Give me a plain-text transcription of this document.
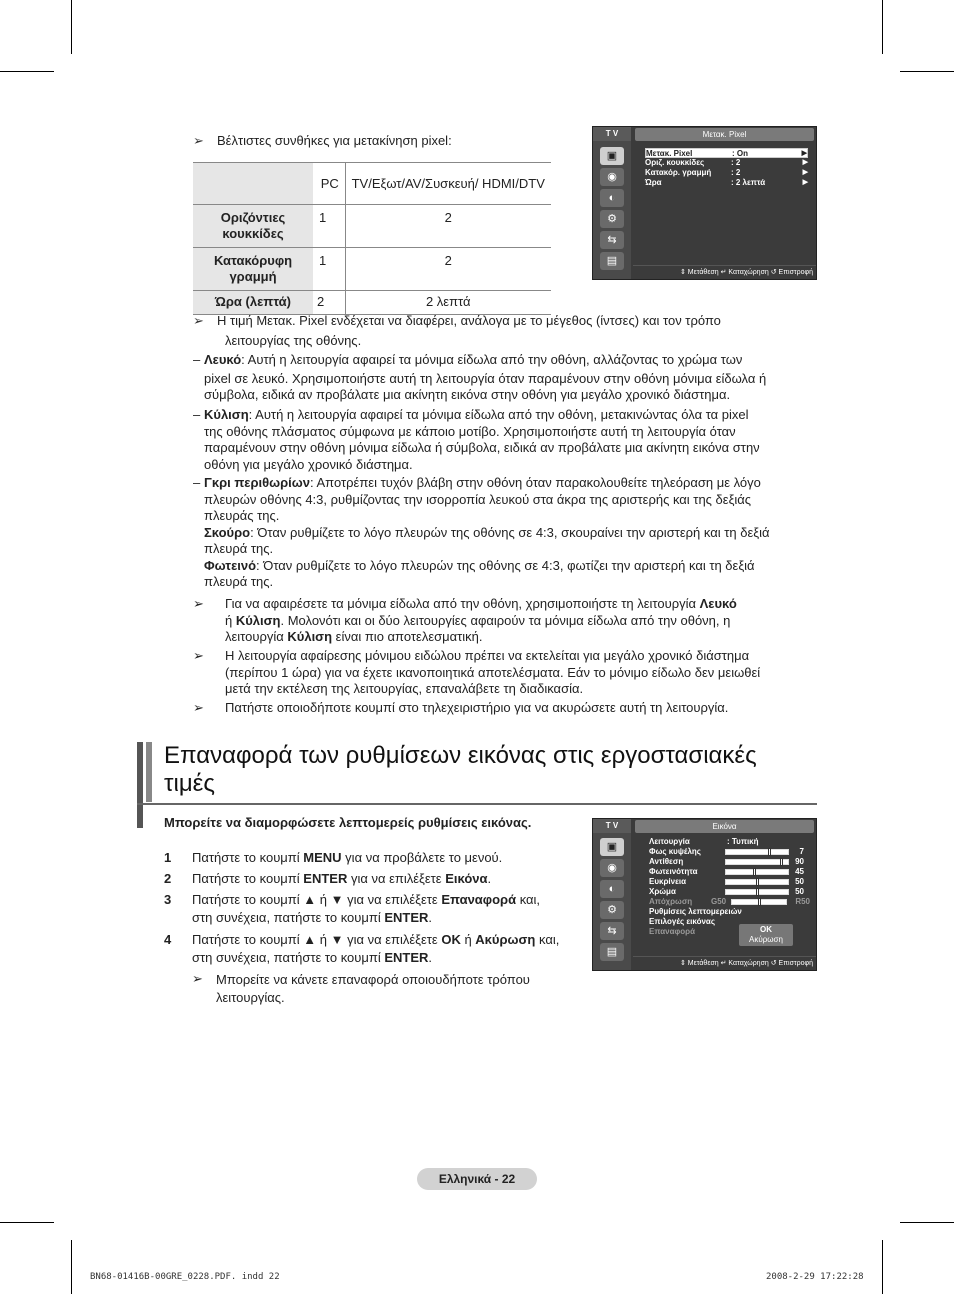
➢ Βέλτιστες συνθήκες για μετακίνηση pixel:
	PC	TV/Εξωτ/AV/Συσκευή/ HDMI/DTV
Οριζόντιες κουκκίδες	1	2
Κατακόρυφη γραμμή	1	2
Ώρα (λεπτά)	2	2 λεπτά
T V	Μετακ. Pixel
▣
◉
◐
⚙
⇆
▤
Μετακ. Pixel	: On	▶
Οριζ. κουκκίδες	: 2	▶
Κατακόρ. γραμμή : 2	▶
Ώρα	: 2 λεπτά	▶
⇕ Μετάθεση ↵ Καταχώρηση ↺ Επιστροφή
➢ Η τιμή Μετακ. Pixel ενδέχεται να διαφέρει, ανάλογα με το μέγεθος (ίντσες) και τον τρόπο
λειτουργίας της οθόνης.
– Λευκό: Αυτή η λειτουργία αφαιρεί τα μόνιμα είδωλα από την οθόνη, αλλάζοντας το χρώμα των
pixel σε λευκό. Χρησιμοποιήστε αυτή τη λειτουργία όταν παραμένουν στην οθόνη μόνιμα είδωλα ή
σύμβολα, ειδικά αν προβάλατε μια ακίνητη εικόνα στην οθόνη για μεγάλο χρονικό διάστημα.
– Κύλιση: Αυτή η λειτουργία αφαιρεί τα μόνιμα είδωλα από την οθόνη, μετακινώντας όλα τα pixel
της οθόνης πλάσματος σύμφωνα με κάποιο μοτίβο. Χρησιμοποιήστε αυτή τη λειτουργία όταν
παραμένουν στην οθόνη μόνιμα είδωλα ή σύμβολα, ειδικά αν προβάλατε μια ακίνητη εικόνα στην
οθόνη για μεγάλο χρονικό διάστημα.
– Γκρι περιθωρίων: Αποτρέπει τυχόν βλάβη στην οθόνη όταν παρακολουθείτε τηλεόραση με λόγο
πλευρών οθόνης 4:3, ρυθμίζοντας την ισορροπία λευκού στα άκρα της αριστερής και της δεξιάς
πλευράς της.
Σκούρο: Όταν ρυθμίζετε το λόγο πλευρών της οθόνης σε 4:3, σκουραίνει την αριστερή και τη δεξιά
πλευρά της.
Φωτεινό: Όταν ρυθμίζετε το λόγο πλευρών της οθόνης σε 4:3, φωτίζει την αριστερή και τη δεξιά
πλευρά της.
➢ Για να αφαιρέσετε τα μόνιμα είδωλα από την οθόνη, χρησιμοποιήστε τη λειτουργία Λευκό
ή Κύλιση. Μολονότι και οι δύο λειτουργίες αφαιρούν τα μόνιμα είδωλα από την οθόνη, η
λειτουργία Κύλιση είναι πιο αποτελεσματική.
➢ Η λειτουργία αφαίρεσης μόνιμου ειδώλου πρέπει να εκτελείται για μεγάλο χρονικό διάστημα
(περίπου 1 ώρα) για να έχετε ικανοποιητικά αποτελέσματα. Εάν το μόνιμο είδωλο δεν μειωθεί
μετά την εκτέλεση της λειτουργίας, επαναλάβετε τη διαδικασία.
➢ Πατήστε οποιοδήποτε κουμπί στο τηλεχειριστήριο για να ακυρώσετε αυτή τη λειτουργία.
Επαναφορά των ρυθμίσεων εικόνας στις εργοστασιακές
τιμές
Μπορείτε να διαμορφώσετε λεπτομερείς ρυθμίσεις εικόνας.
1 Πατήστε το κουμπί MENU για να προβάλετε το μενού.
2 Πατήστε το κουμπί ENTER για να επιλέξετε Εικόνα.
3 Πατήστε το κουμπί ▲ ή ▼ για να επιλέξετε Επαναφορά και,
στη συνέχεια, πατήστε το κουμπί ENTER.
4 Πατήστε το κουμπί ▲ ή ▼ για να επιλέξετε OK ή Ακύρωση και,
στη συνέχεια, πατήστε το κουμπί ENTER.
➢ Μπορείτε να κάνετε επαναφορά οποιουδήποτε τρόπου
λειτουργίας.
T V	Εικόνα
▣
◉
◐
⚙
⇆
▤
Λειτουργία	: Τυπική
Φως κυψέλης	7
Αντίθεση	90
Φωτεινότητα	45
Ευκρίνεια	50
Χρώμα	50
Απόχρωση G50	R50
Ρυθμίσεις λεπτομερειών
Επιλογές εικόνας
Επαναφορά	OK
Ακύρωση
⇕ Μετάθεση ↵ Καταχώρηση ↺ Επιστροφή
Ελληνικά - 22
BN68-01416B-00GRE_0228.PDF. indd 22	2008-2-29 17:22:28
